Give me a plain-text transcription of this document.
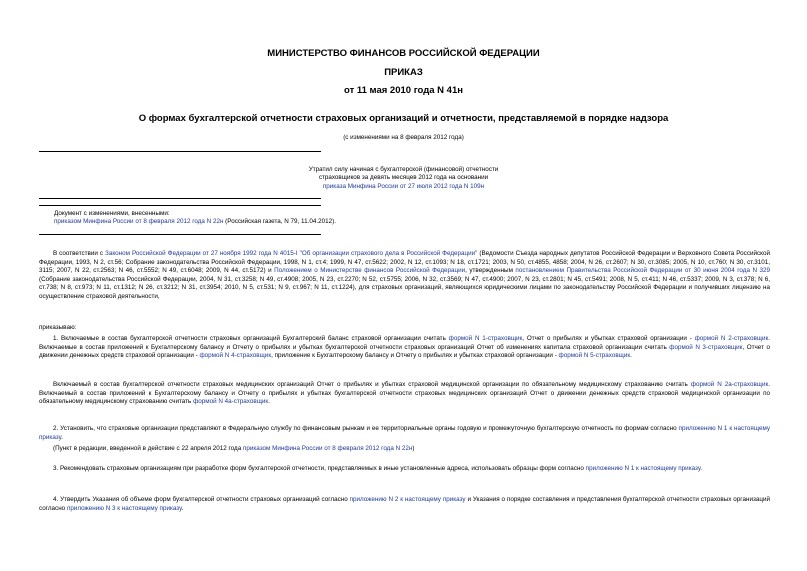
МИНИСТЕРСТВО ФИНАНСОВ РОССИЙСКОЙ ФЕДЕРАЦИИ
ПРИКАЗ
от 11 мая 2010 года N 41н
О формах бухгалтерской отчетности страховых организаций и отчетности, представляемой в порядке надзора
(с изменениями на 8 февраля 2012 года)
Утратил силу начиная с бухгалтерской (финансовой) отчетности
страховщиков за девять месяцев 2012 года на основании
приказа Минфина России от 27 июля 2012 года N 109н
Документ с изменениями, внесенными:
приказом Минфина России от 8 февраля 2012 года N 22н (Российская газета, N 79, 11.04.2012).
В соответствии с Законом Российской Федерации от 27 ноября 1992 года N 4015-I "Об организации страхового дела в Российской Федерации" (Ведомости Съезда народных депутатов Российской Федерации и Верховного Совета Российской Федерации, 1993, N 2, ст.56; Собрание законодательства Российской Федерации, 1998, N 1, ст.4; 1999, N 47, ст.5622; 2002, N 12, ст.1093; N 18, ст.1721; 2003, N 50, ст.4855, 4858; 2004, N 26, ст.2607; N 30, ст.3085; 2005, N 10, ст.760; N 30, ст.3101, 3115; 2007, N 22, ст.2563; N 46, ст.5552; N 49, ст.6048; 2009, N 44, ст.5172) и Положением о Министерстве финансов Российской Федерации, утвержденным постановлением Правительства Российской Федерации от 30 июня 2004 года N 329 (Собрание законодательства Российской Федерации, 2004, N 31, ст.3258; N 49, ст.4908; 2005, N 23, ст.2270; N 52, ст.5755; 2006, N 32, ст.3569; N 47, ст.4900; 2007, N 23, ст.2801; N 45, ст.5491; 2008, N 5, ст.411; N 46, ст.5337; 2009, N 3, ст.378; N 6, ст.738; N 8, ст.973; N 11, ст.1312; N 26, ст.3212; N 31, ст.3954; 2010, N 5, ст.531; N 9, ст.967; N 11, ст.1224), для страховых организаций, являющихся юридическими лицами по законодательству Российской Федерации и получивших лицензию на осуществление страховой деятельности,
приказываю:
1. Включаемые в состав бухгалтерской отчетности страховых организаций Бухгалтерский баланс страховой организации считать формой N 1-страховщик, Отчет о прибылях и убытках страховой организации - формой N 2-страховщик. Включаемые в состав приложений к Бухгалтерскому балансу и Отчету о прибылях и убытках бухгалтерской отчетности страховых организаций Отчет об изменениях капитала страховой организации считать формой N 3-страховщик, Отчет о движении денежных средств страховой организации - формой N 4-страховщик, приложение к Бухгалтерскому балансу и Отчету о прибылях и убытках страховой организации - формой N 5-страховщик.
Включаемый в состав бухгалтерской отчетности страховых медицинских организаций Отчет о прибылях и убытках страховой медицинской организации по обязательному медицинскому страхованию считать формой N 2а-страховщик. Включаемый в состав приложений к Бухгалтерскому балансу и Отчету о прибылях и убытках бухгалтерской отчетности страховых медицинских организаций Отчет о движении денежных средств страховой медицинской организации по обязательному медицинскому страхованию считать формой N 4а-страховщик.
2. Установить, что страховые организации представляют в Федеральную службу по финансовым рынкам и ее территориальные органы годовую и промежуточную бухгалтерскую отчетность по формам согласно приложению N 1 к настоящему приказу.
(Пункт в редакции, введенной в действие с 22 апреля 2012 года приказом Минфина России от 8 февраля 2012 года N 22н)
3. Рекомендовать страховым организациям при разработке форм бухгалтерской отчетности, представляемых в иные установленные адреса, использовать образцы форм согласно приложению N 1 к настоящему приказу.
4. Утвердить Указания об объеме форм бухгалтерской отчетности страховых организаций согласно приложению N 2 к настоящему приказу и Указания о порядке составления и представления бухгалтерской отчетности страховых организаций согласно приложению N 3 к настоящему приказу.
